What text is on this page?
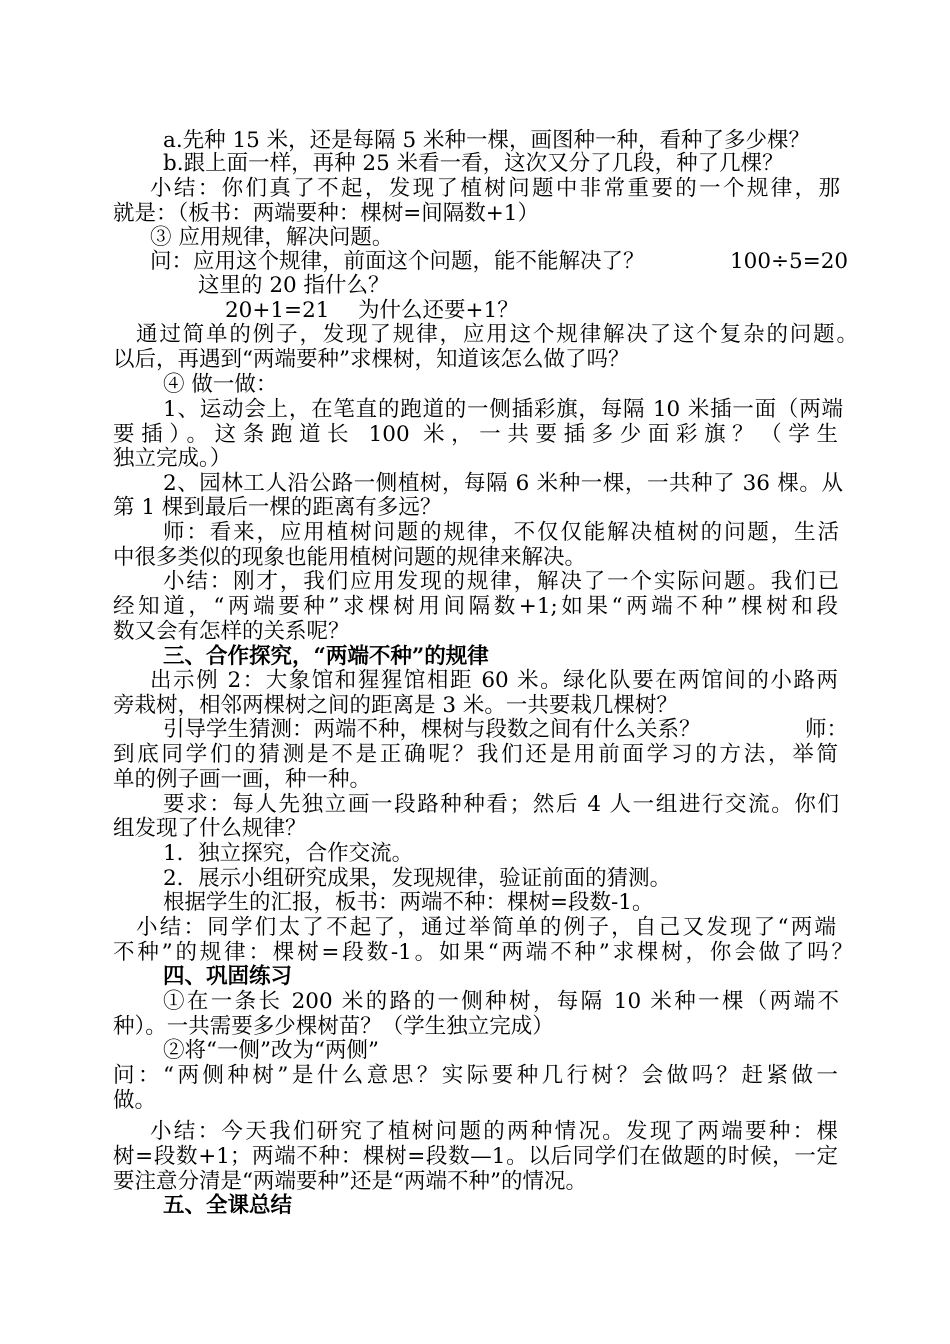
a.先种 15 米，还是每隔 5 米种一棵，画图种一种，看种了多少棵？

b.跟上面一样，再种 25 米看一看，这次又分了几段，种了几棵？

小结：你们真了不起，发现了植树问题中非常重要的一个规律，那

就是：（板书：两端要种：棵树=间隔数+1）

③ 应用规律，解决问题。

问：应用这个规律，前面这个问题，能不能解决了？	100÷5=20

这里的 20 指什么？

20+1=21 为什么还要+1？

通过简单的例子，发现了规律，应用这个规律解决了这个复杂的问题。

以后，再遇到“两端要种”求棵树，知道该怎么做了吗？

④ 做一做：

1、运动会上，在笔直的跑道的一侧插彩旗，每隔 10 米插一面（两端

要插）。这条跑道长 100 米，一共要插多少面彩旗？（学生

独立完成。）

2、园林工人沿公路一侧植树，每隔 6 米种一棵，一共种了 36 棵。从

第 1 棵到最后一棵的距离有多远？

师：看来，应用植树问题的规律，不仅仅能解决植树的问题，生活

中很多类似的现象也能用植树问题的规律来解决。

小结：刚才，我们应用发现的规律，解决了一个实际问题。我们已

经知道，“两端要种”求棵树用间隔数+1;如果“两端不种”棵树和段

数又会有怎样的关系呢？

三、合作探究，“两端不种”的规律

出示例 2：大象馆和猩猩馆相距 60 米。绿化队要在两馆间的小路两

旁栽树，相邻两棵树之间的距离是 3 米。一共要栽几棵树？

引导学生猜测：两端不种，棵树与段数之间有什么关系？	师：

到底同学们的猜测是不是正确呢？我们还是用前面学习的方法，举简

单的例子画一画，种一种。

要求：每人先独立画一段路种种看；然后 4 人一组进行交流。你们

组发现了什么规律？

1．独立探究，合作交流。

2．展示小组研究成果，发现规律，验证前面的猜测。

根据学生的汇报，板书：两端不种：棵树=段数-1。

小结：同学们太了不起了，通过举简单的例子，自己又发现了“两端

不种”的规律：棵树=段数-1。如果“两端不种”求棵树，你会做了吗？

四、巩固练习

①在一条长 200 米的路的一侧种树，每隔 10 米种一棵（两端不

种）。一共需要多少棵树苗？（学生独立完成）

②将“一侧”改为“两侧”

问：“两侧种树”是什么意思？实际要种几行树？会做吗？赶紧做一

做。

小结：今天我们研究了植树问题的两种情况。发现了两端要种：棵

树=段数+1；两端不种：棵树=段数—1。以后同学们在做题的时候，一定

要注意分清是“两端要种”还是“两端不种”的情况。

五、全课总结
